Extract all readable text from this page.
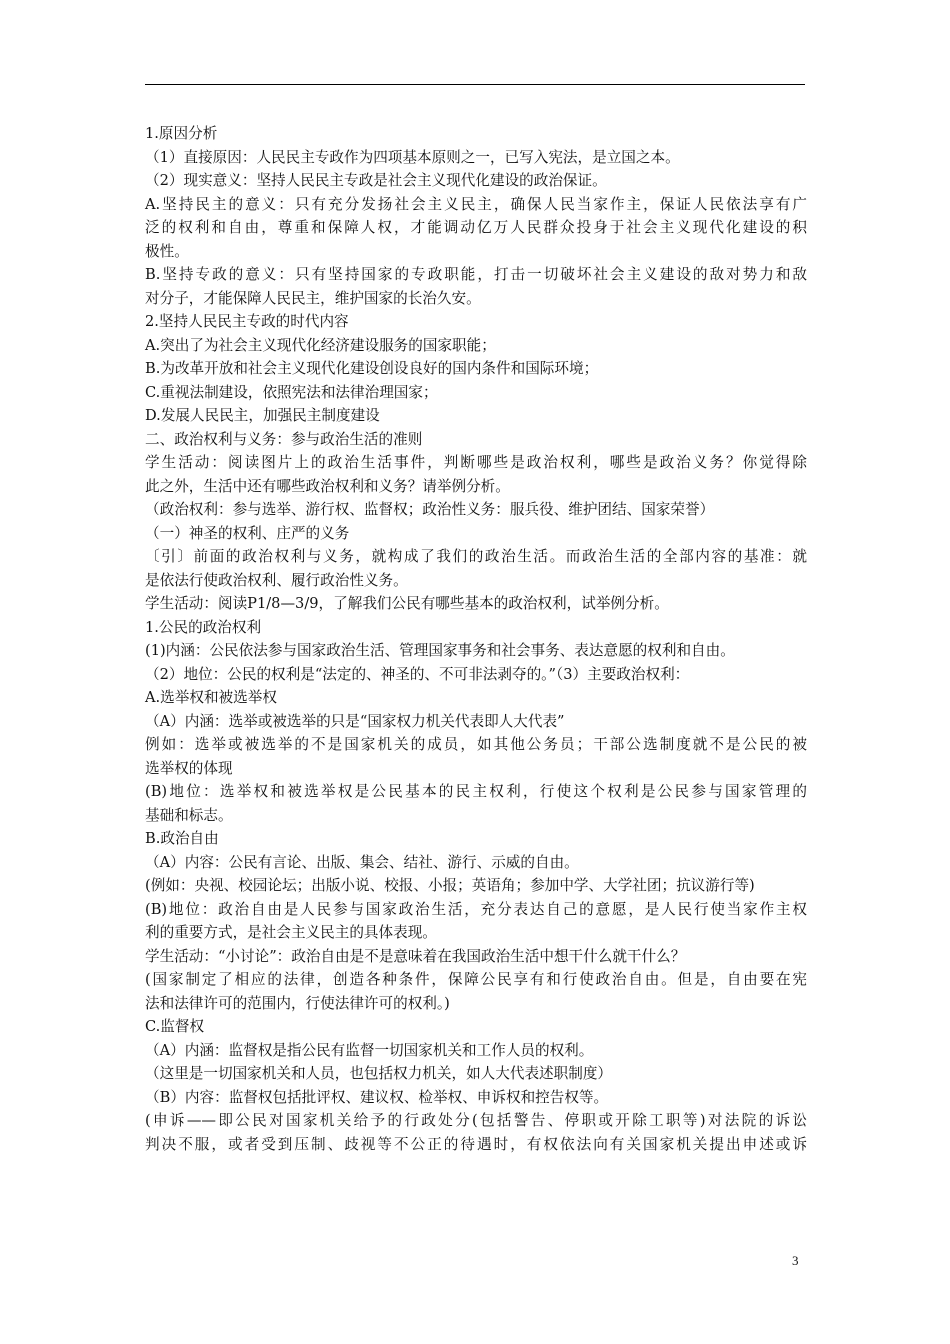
1.原因分析
（1）直接原因：人民民主专政作为四项基本原则之一，已写入宪法，是立国之本。
（2）现实意义：坚持人民民主专政是社会主义现代化建设的政治保证。
A.坚持民主的意义：只有充分发扬社会主义民主，确保人民当家作主，保证人民依法享有广
泛的权利和自由，尊重和保障人权，才能调动亿万人民群众投身于社会主义现代化建设的积
极性。
B.坚持专政的意义：只有坚持国家的专政职能，打击一切破坏社会主义建设的敌对势力和敌
对分子，才能保障人民民主，维护国家的长治久安。
2.坚持人民民主专政的时代内容
A.突出了为社会主义现代化经济建设服务的国家职能；
B.为改革开放和社会主义现代化建设创设良好的国内条件和国际环境；
C.重视法制建设，依照宪法和法律治理国家；
D.发展人民民主，加强民主制度建设
二、政治权利与义务：参与政治生活的准则
学生活动：阅读图片上的政治生活事件，判断哪些是政治权利，哪些是政治义务？你觉得除
此之外，生活中还有哪些政治权利和义务？请举例分析。
（政治权利：参与选举、游行权、监督权；政治性义务：服兵役、维护团结、国家荣誉）
（一）神圣的权利、庄严的义务
〔引〕前面的政治权利与义务，就构成了我们的政治生活。而政治生活的全部内容的基准：就
是依法行使政治权利、履行政治性义务。
学生活动：阅读P1/8—3/9，了解我们公民有哪些基本的政治权利，试举例分析。
1.公民的政治权利
(1)内涵：公民依法参与国家政治生活、管理国家事务和社会事务、表达意愿的权利和自由。
（2）地位：公民的权利是“法定的、神圣的、不可非法剥夺的。”（3）主要政治权利：
A.选举权和被选举权
（A）内涵：选举或被选举的只是“国家权力机关代表即人大代表”
例如：选举或被选举的不是国家机关的成员，如其他公务员；干部公选制度就不是公民的被
选举权的体现
(B)地位：选举权和被选举权是公民基本的民主权利，行使这个权利是公民参与国家管理的
基础和标志。
B.政治自由
（A）内容：公民有言论、出版、集会、结社、游行、示威的自由。
(例如：央视、校园论坛；出版小说、校报、小报；英语角；参加中学、大学社团；抗议游行等)
(B)地位：政治自由是人民参与国家政治生活，充分表达自己的意愿，是人民行使当家作主权
利的重要方式，是社会主义民主的具体表现。
学生活动：“小讨论”：政治自由是不是意味着在我国政治生活中想干什么就干什么？
(国家制定了相应的法律，创造各种条件，保障公民享有和行使政治自由。但是，自由要在宪
法和法律许可的范围内，行使法律许可的权利。)
C.监督权
（A）内涵：监督权是指公民有监督一切国家机关和工作人员的权利。
（这里是一切国家机关和人员，也包括权力机关，如人大代表述职制度）
（B）内容：监督权包括批评权、建议权、检举权、申诉权和控告权等。
(申诉——即公民对国家机关给予的行政处分(包括警告、停职或开除工职等)对法院的诉讼
判决不服，或者受到压制、歧视等不公正的待遇时，有权依法向有关国家机关提出申述或诉
3
